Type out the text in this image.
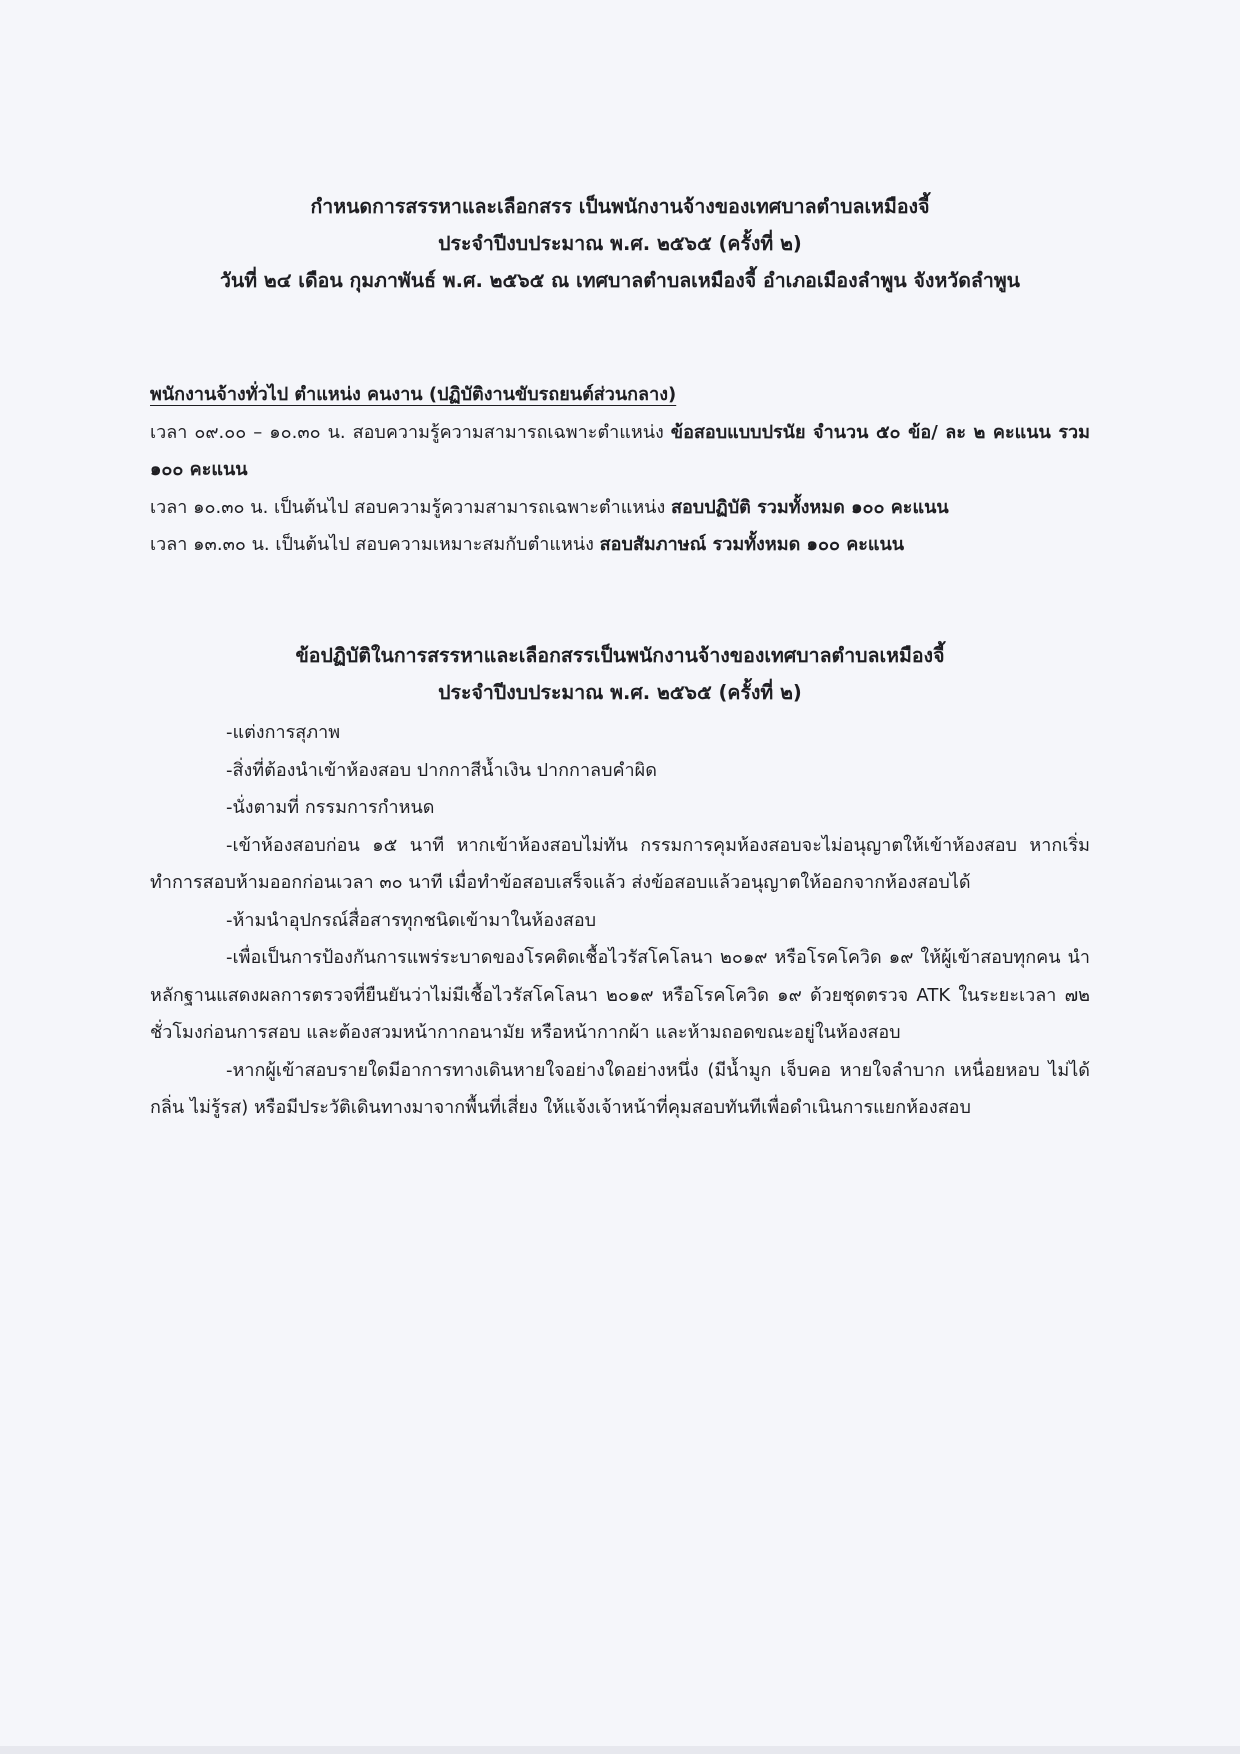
กำหนดการสรรหาและเลือกสรร เป็นพนักงานจ้างของเทศบาลตำบลเหมืองจี้
ประจำปีงบประมาณ พ.ศ. ๒๕๖๕ (ครั้งที่ ๒)
วันที่ ๒๔ เดือน กุมภาพันธ์ พ.ศ. ๒๕๖๕ ณ เทศบาลตำบลเหมืองจี้ อำเภอเมืองลำพูน จังหวัดลำพูน
พนักงานจ้างทั่วไป ตำแหน่ง คนงาน (ปฏิบัติงานขับรถยนต์ส่วนกลาง)
เวลา ๐๙.๐๐ – ๑๐.๓๐ น. สอบความรู้ความสามารถเฉพาะตำแหน่ง ข้อสอบแบบปรนัย จำนวน ๕๐ ข้อ/ ละ ๒ คะแนน รวม ๑๐๐ คะแนน
เวลา ๑๐.๓๐ น. เป็นต้นไป สอบความรู้ความสามารถเฉพาะตำแหน่ง สอบปฏิบัติ รวมทั้งหมด ๑๐๐ คะแนน
เวลา ๑๓.๓๐ น. เป็นต้นไป สอบความเหมาะสมกับตำแหน่ง สอบสัมภาษณ์ รวมทั้งหมด ๑๐๐ คะแนน
ข้อปฏิบัติในการสรรหาและเลือกสรรเป็นพนักงานจ้างของเทศบาลตำบลเหมืองจี้
ประจำปีงบประมาณ พ.ศ. ๒๕๖๕ (ครั้งที่ ๒)
-แต่งการสุภาพ
-สิ่งที่ต้องนำเข้าห้องสอบ ปากกาสีน้ำเงิน ปากกาลบคำผิด
-นั่งตามที่ กรรมการกำหนด
-เข้าห้องสอบก่อน ๑๕ นาที หากเข้าห้องสอบไม่ทัน กรรมการคุมห้องสอบจะไม่อนุญาตให้เข้าห้องสอบ หากเริ่มทำการสอบห้ามออกก่อนเวลา ๓๐ นาที เมื่อทำข้อสอบเสร็จแล้ว ส่งข้อสอบแล้วอนุญาตให้ออกจากห้องสอบได้
-ห้ามนำอุปกรณ์สื่อสารทุกชนิดเข้ามาในห้องสอบ
-เพื่อเป็นการป้องกันการแพร่ระบาดของโรคติดเชื้อไวรัสโคโลนา ๒๐๑๙ หรือโรคโควิด ๑๙ ให้ผู้เข้าสอบทุกคน นำหลักฐานแสดงผลการตรวจที่ยืนยันว่าไม่มีเชื้อไวรัสโคโลนา ๒๐๑๙ หรือโรคโควิด ๑๙ ด้วยชุดตรวจ ATK ในระยะเวลา ๗๒ ชั่วโมงก่อนการสอบ และต้องสวมหน้ากากอนามัย หรือหน้ากากผ้า และห้ามถอดขณะอยู่ในห้องสอบ
-หากผู้เข้าสอบรายใดมีอาการทางเดินหายใจอย่างใดอย่างหนึ่ง (มีน้ำมูก เจ็บคอ หายใจลำบาก เหนื่อยหอบ ไม่ได้กลิ่น ไม่รู้รส) หรือมีประวัติเดินทางมาจากพื้นที่เสี่ยง ให้แจ้งเจ้าหน้าที่คุมสอบทันทีเพื่อดำเนินการแยกห้องสอบ
